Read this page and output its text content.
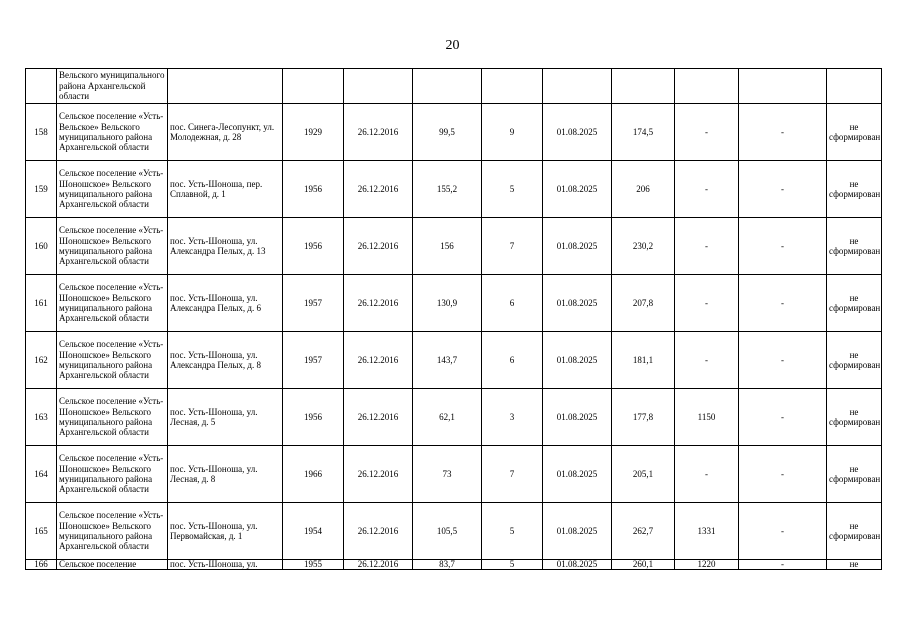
20
	Вельского муниципального района Архангельской области										
158	Сельское поселение «Усть-Вельское» Вельского муниципального района Архангельской области	пос. Синега-Лесопункт, ул. Молодежная, д. 28	1929	26.12.2016	99,5	9	01.08.2025	174,5	-	-	не сформирован
159	Сельское поселение «Усть-Шоношское» Вельского муниципального района Архангельской области	пос. Усть-Шоноша, пер. Сплавной, д. 1	1956	26.12.2016	155,2	5	01.08.2025	206	-	-	не сформирован
160	Сельское поселение «Усть-Шоношское» Вельского муниципального района Архангельской области	пос. Усть-Шоноша, ул. Александра Пелых, д. 13	1956	26.12.2016	156	7	01.08.2025	230,2	-	-	не сформирован
161	Сельское поселение «Усть-Шоношское» Вельского муниципального района Архангельской области	пос. Усть-Шоноша, ул. Александра Пелых, д. 6	1957	26.12.2016	130,9	6	01.08.2025	207,8	-	-	не сформирован
162	Сельское поселение «Усть-Шоношское» Вельского муниципального района Архангельской области	пос. Усть-Шоноша, ул. Александра Пелых, д. 8	1957	26.12.2016	143,7	6	01.08.2025	181,1	-	-	не сформирован
163	Сельское поселение «Усть-Шоношское» Вельского муниципального района Архангельской области	пос. Усть-Шоноша, ул. Лесная, д. 5	1956	26.12.2016	62,1	3	01.08.2025	177,8	1150	-	не сформирован
164	Сельское поселение «Усть-Шоношское» Вельского муниципального района Архангельской области	пос. Усть-Шоноша, ул. Лесная, д. 8	1966	26.12.2016	73	7	01.08.2025	205,1	-	-	не сформирован
165	Сельское поселение «Усть-Шоношское» Вельского муниципального района Архангельской области	пос. Усть-Шоноша, ул. Первомайская, д. 1	1954	26.12.2016	105,5	5	01.08.2025	262,7	1331	-	не сформирован
166	Сельское поселение	пос. Усть-Шоноша, ул.	1955	26.12.2016	83,7	5	01.08.2025	260,1	1220	-	не
